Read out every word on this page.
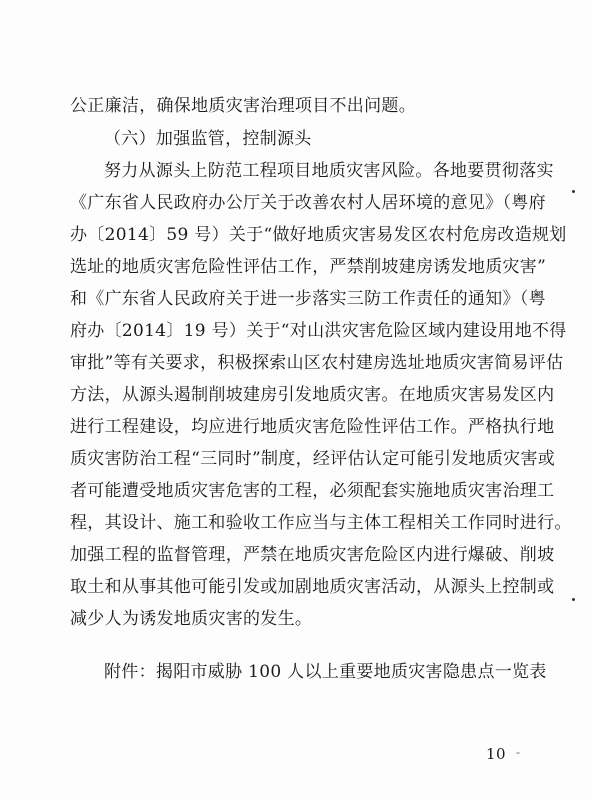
公正廉洁，确保地质灾害治理项目不出问题。
（六）加强监管，控制源头
努力从源头上防范工程项目地质灾害风险。各地要贯彻落实
《广东省人民政府办公厅关于改善农村人居环境的意见》（粤府
办〔2014〕59 号）关于“做好地质灾害易发区农村危房改造规划
选址的地质灾害危险性评估工作，严禁削坡建房诱发地质灾害”
和《广东省人民政府关于进一步落实三防工作责任的通知》（粤
府办〔2014〕19 号）关于“对山洪灾害危险区域内建设用地不得
审批”等有关要求，积极探索山区农村建房选址地质灾害简易评估
方法，从源头遏制削坡建房引发地质灾害。在地质灾害易发区内
进行工程建设，均应进行地质灾害危险性评估工作。严格执行地
质灾害防治工程“三同时”制度，经评估认定可能引发地质灾害或
者可能遭受地质灾害危害的工程，必须配套实施地质灾害治理工
程，其设计、施工和验收工作应当与主体工程相关工作同时进行。
加强工程的监督管理，严禁在地质灾害危险区内进行爆破、削坡
取土和从事其他可能引发或加剧地质灾害活动，从源头上控制或
减少人为诱发地质灾害的发生。
附件：揭阳市威胁 100 人以上重要地质灾害隐患点一览表
10
